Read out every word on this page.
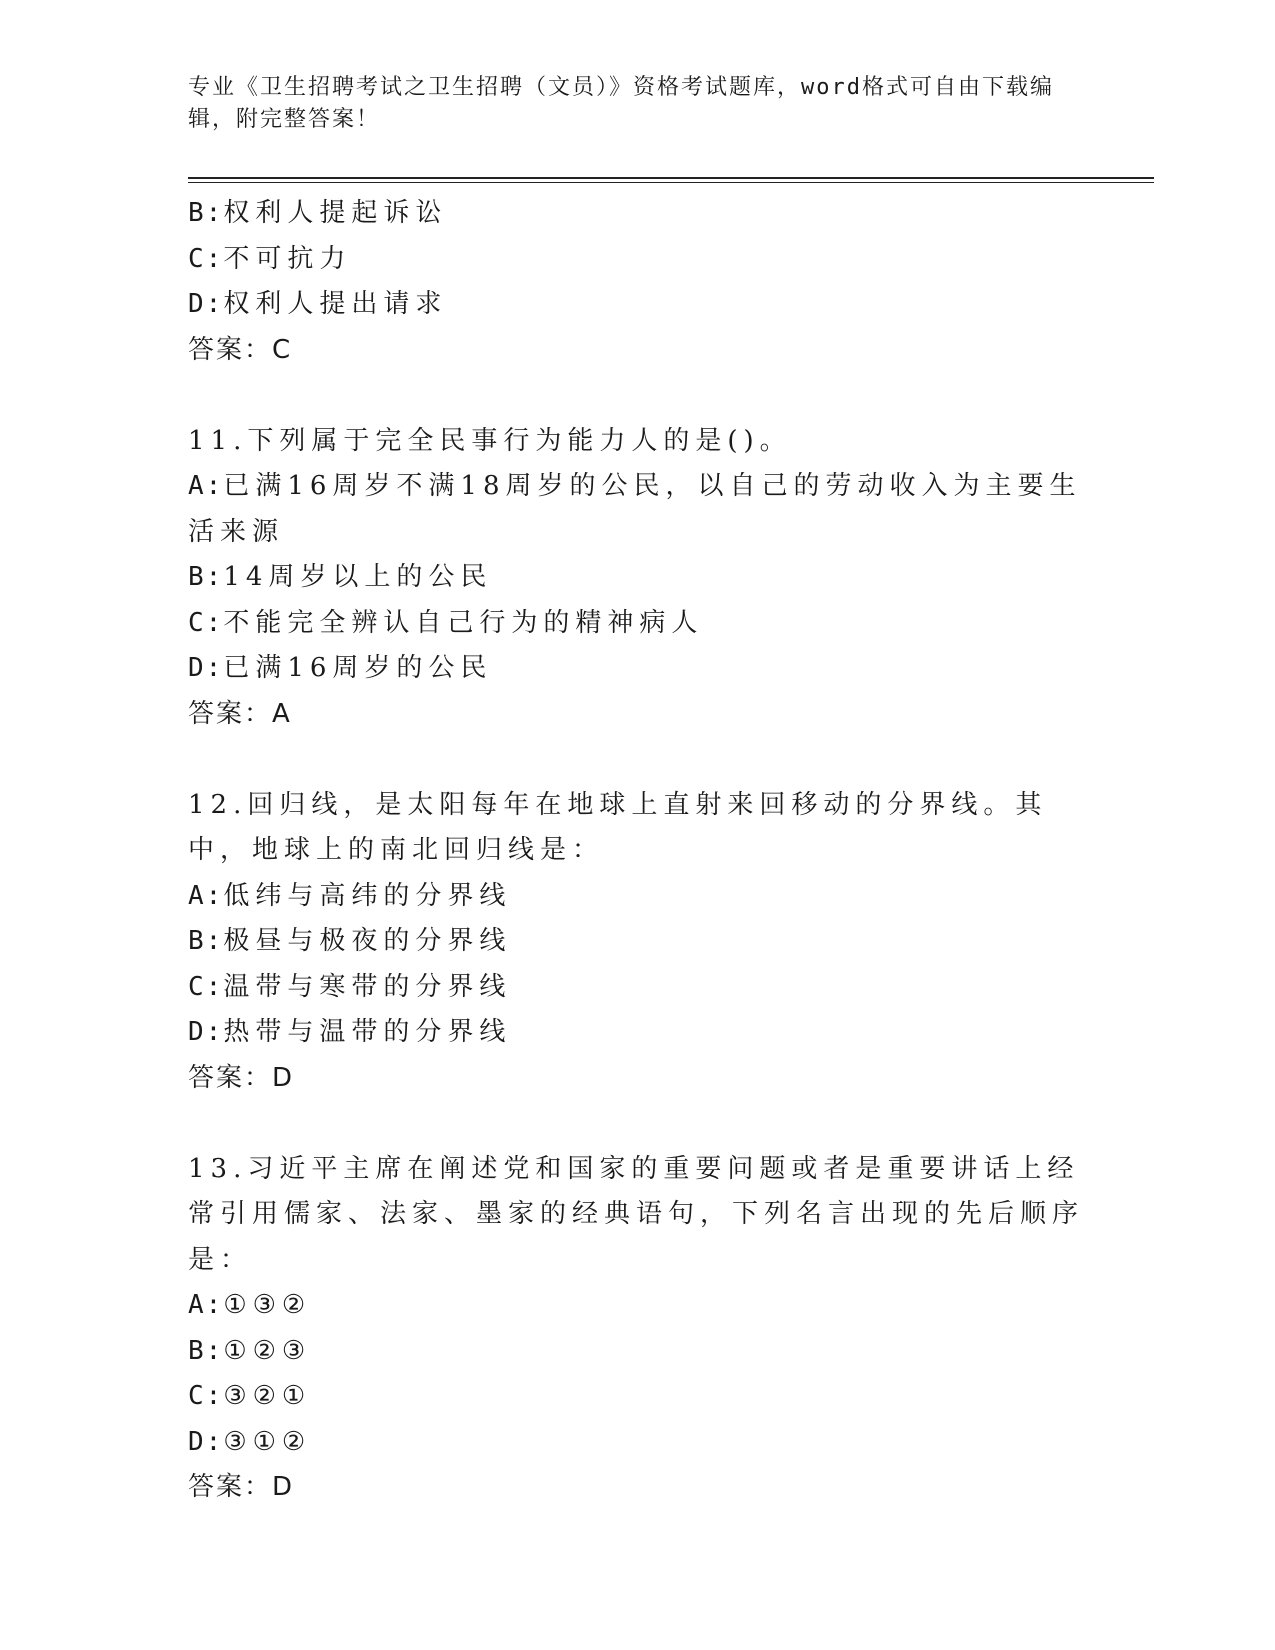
专业《卫生招聘考试之卫生招聘（文员）》资格考试题库，word格式可自由下载编辑，附完整答案！
B:权利人提起诉讼
C:不可抗力
D:权利人提出请求
答案：C
11.下列属于完全民事行为能力人的是()。
A:已满16周岁不满18周岁的公民，以自己的劳动收入为主要生活来源
B:14周岁以上的公民
C:不能完全辨认自己行为的精神病人
D:已满16周岁的公民
答案：A
12.回归线，是太阳每年在地球上直射来回移动的分界线。其中，地球上的南北回归线是：
A:低纬与高纬的分界线
B:极昼与极夜的分界线
C:温带与寒带的分界线
D:热带与温带的分界线
答案：D
13.习近平主席在阐述党和国家的重要问题或者是重要讲话上经常引用儒家、法家、墨家的经典语句，下列名言出现的先后顺序是：
A:①③②
B:①②③
C:③②①
D:③①②
答案：D
